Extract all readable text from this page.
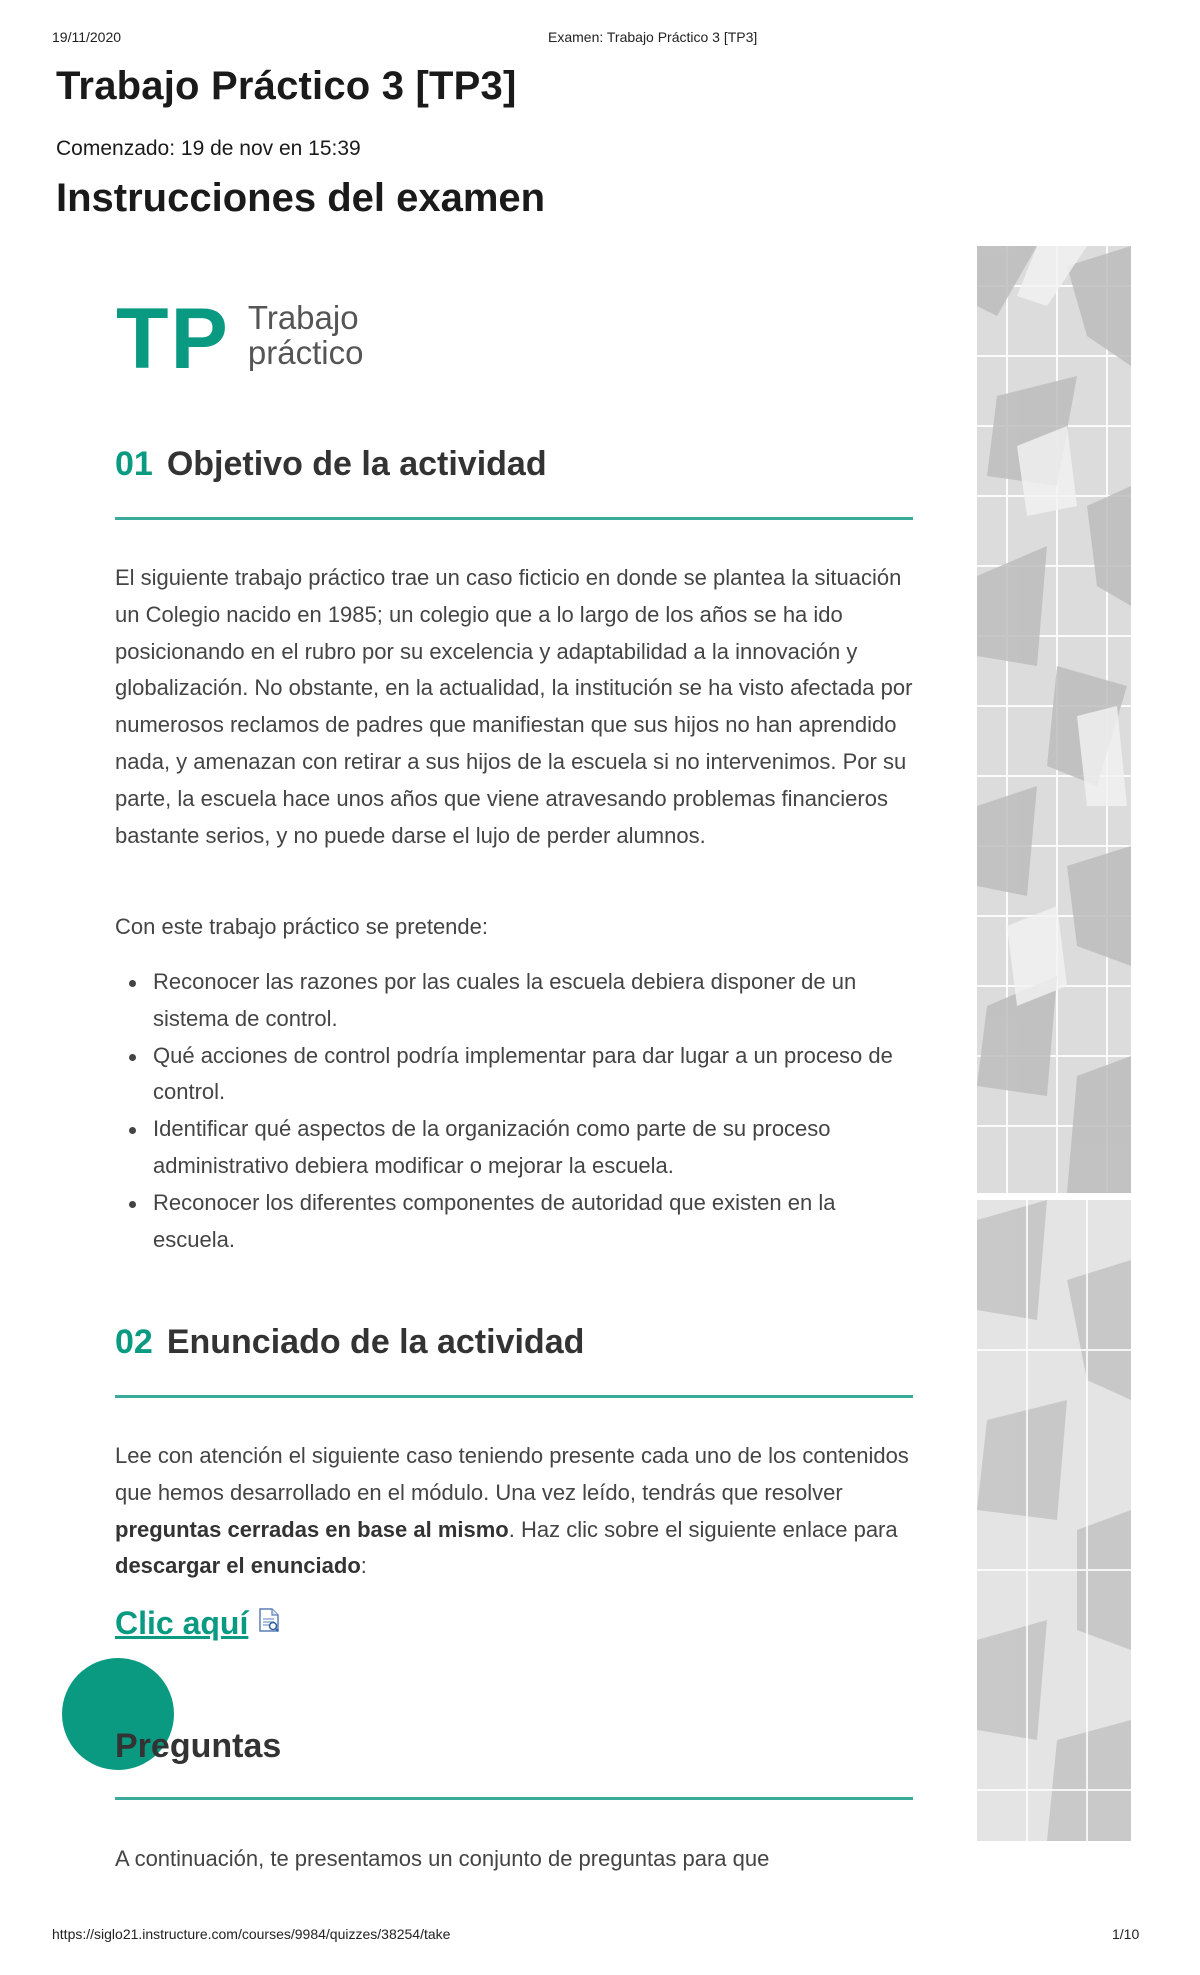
19/11/2020	Examen: Trabajo Práctico 3 [TP3]
Trabajo Práctico 3 [TP3]
Comenzado: 19 de nov en 15:39
Instrucciones del examen
TP Trabajo práctico
01 Objetivo de la actividad

El siguiente trabajo práctico trae un caso ficticio en donde se plantea la situación un Colegio nacido en 1985; un colegio que a lo largo de los años se ha ido posicionando en el rubro por su excelencia y adaptabilidad a la innovación y globalización. No obstante, en la actualidad, la institución se ha visto afectada por numerosos reclamos de padres que manifiestan que sus hijos no han aprendido nada, y amenazan con retirar a sus hijos de la escuela si no intervenimos. Por su parte, la escuela hace unos años que viene atravesando problemas financieros bastante serios, y no puede darse el lujo de perder alumnos.

Con este trabajo práctico se pretende:

Reconocer las razones por las cuales la escuela debiera disponer de un sistema de control.
Qué acciones de control podría implementar para dar lugar a un proceso de control.
Identificar qué aspectos de la organización como parte de su proceso administrativo debiera modificar o mejorar la escuela.
Reconocer los diferentes componentes de autoridad que existen en la escuela.
02 Enunciado de la actividad

Lee con atención el siguiente caso teniendo presente cada uno de los contenidos que hemos desarrollado en el módulo. Una vez leído, tendrás que resolver preguntas cerradas en base al mismo. Haz clic sobre el siguiente enlace para descargar el enunciado:

Clic aquí
Preguntas

A continuación, te presentamos un conjunto de preguntas para que

https://siglo21.instructure.com/courses/9984/quizzes/38254/take	1/10
